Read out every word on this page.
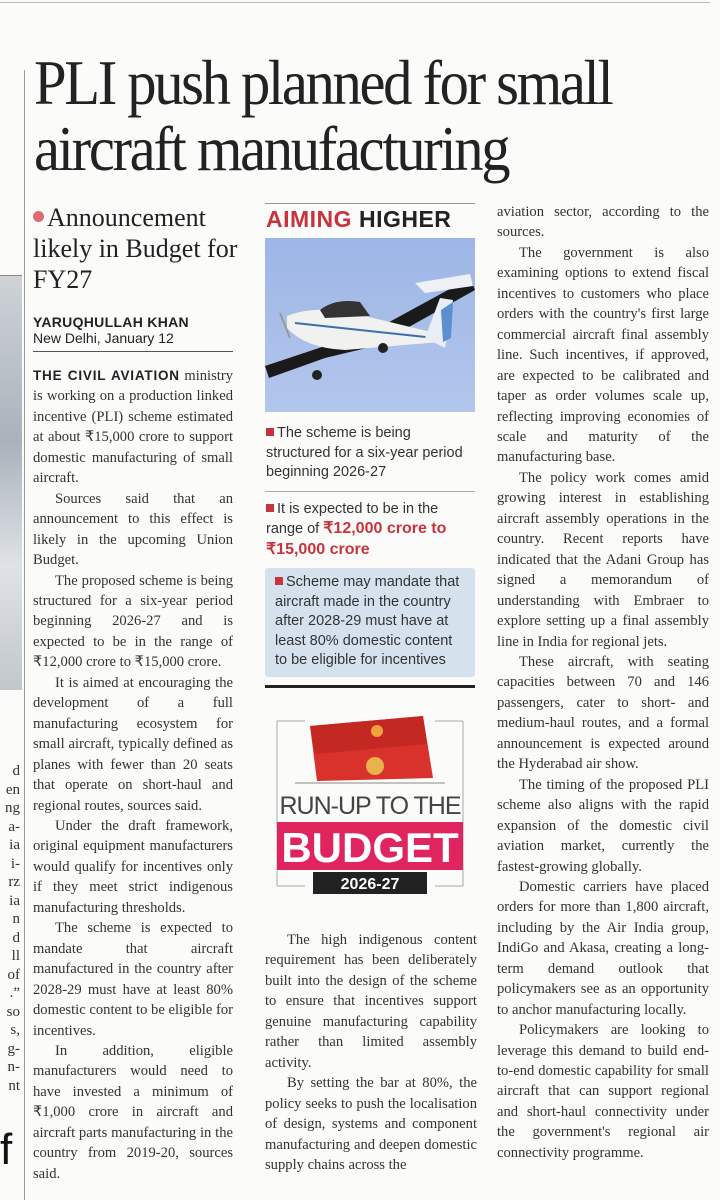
d
en
ng
a-
ia
i-
rz
ia
n
d
ll
of
.”
so
s,
g-
n-
nt
f
PLI push planned for small
aircraft manufacturing
Announcement likely in Budget for FY27
YARUQHULLAH KHAN
New Delhi, January 12

THE CIVIL AVIATION ministry is working on a production linked incentive (PLI) scheme estimated at about ₹15,000 crore to support domestic manufacturing of small aircraft.

Sources said that an announcement to this effect is likely in the upcoming Union Budget.

The proposed scheme is being structured for a six-year period beginning 2026-27 and is expected to be in the range of ₹12,000 crore to ₹15,000 crore.

It is aimed at encouraging the development of a full manufacturing ecosystem for small aircraft, typically defined as planes with fewer than 20 seats that operate on short-haul and regional routes, sources said.

Under the draft framework, original equipment manufacturers would qualify for incentives only if they meet strict indigenous manufacturing thresholds.

The scheme is expected to mandate that aircraft manufactured in the country after 2028-29 must have at least 80% domestic content to be eligible for incentives.

In addition, eligible manufacturers would need to have invested a minimum of ₹1,000 crore in aircraft and aircraft parts manufacturing in the country from 2019-20, sources said.

AIMING HIGHER
The scheme is being structured for a six-year period beginning 2026-27
It is expected to be in the range of ₹12,000 crore to ₹15,000 crore
Scheme may mandate that aircraft made in the country after 2028-29 must have at least 80% domestic content to be eligible for incentives
RUN-UP TO THE
BUDGET
2026-27

The high indigenous content requirement has been deliberately built into the design of the scheme to ensure that incentives support genuine manufacturing capability rather than limited assembly activity.

By setting the bar at 80%, the policy seeks to push the localisation of design, systems and component manufacturing and deepen domestic supply chains across the

aviation sector, according to the sources.

The government is also examining options to extend fiscal incentives to customers who place orders with the country's first large commercial aircraft final assembly line. Such incentives, if approved, are expected to be calibrated and taper as order volumes scale up, reflecting improving economies of scale and maturity of the manufacturing base.

The policy work comes amid growing interest in establishing aircraft assembly operations in the country. Recent reports have indicated that the Adani Group has signed a memorandum of understanding with Embraer to explore setting up a final assembly line in India for regional jets.

These aircraft, with seating capacities between 70 and 146 passengers, cater to short- and medium-haul routes, and a formal announcement is expected around the Hyderabad air show.

The timing of the proposed PLI scheme also aligns with the rapid expansion of the domestic civil aviation market, currently the fastest-growing globally.

Domestic carriers have placed orders for more than 1,800 aircraft, including by the Air India group, IndiGo and Akasa, creating a long-term demand outlook that policymakers see as an opportunity to anchor manufacturing locally.

Policymakers are looking to leverage this demand to build end-to-end domestic capability for small aircraft that can support regional and short-haul connectivity under the government's regional air connectivity programme.
